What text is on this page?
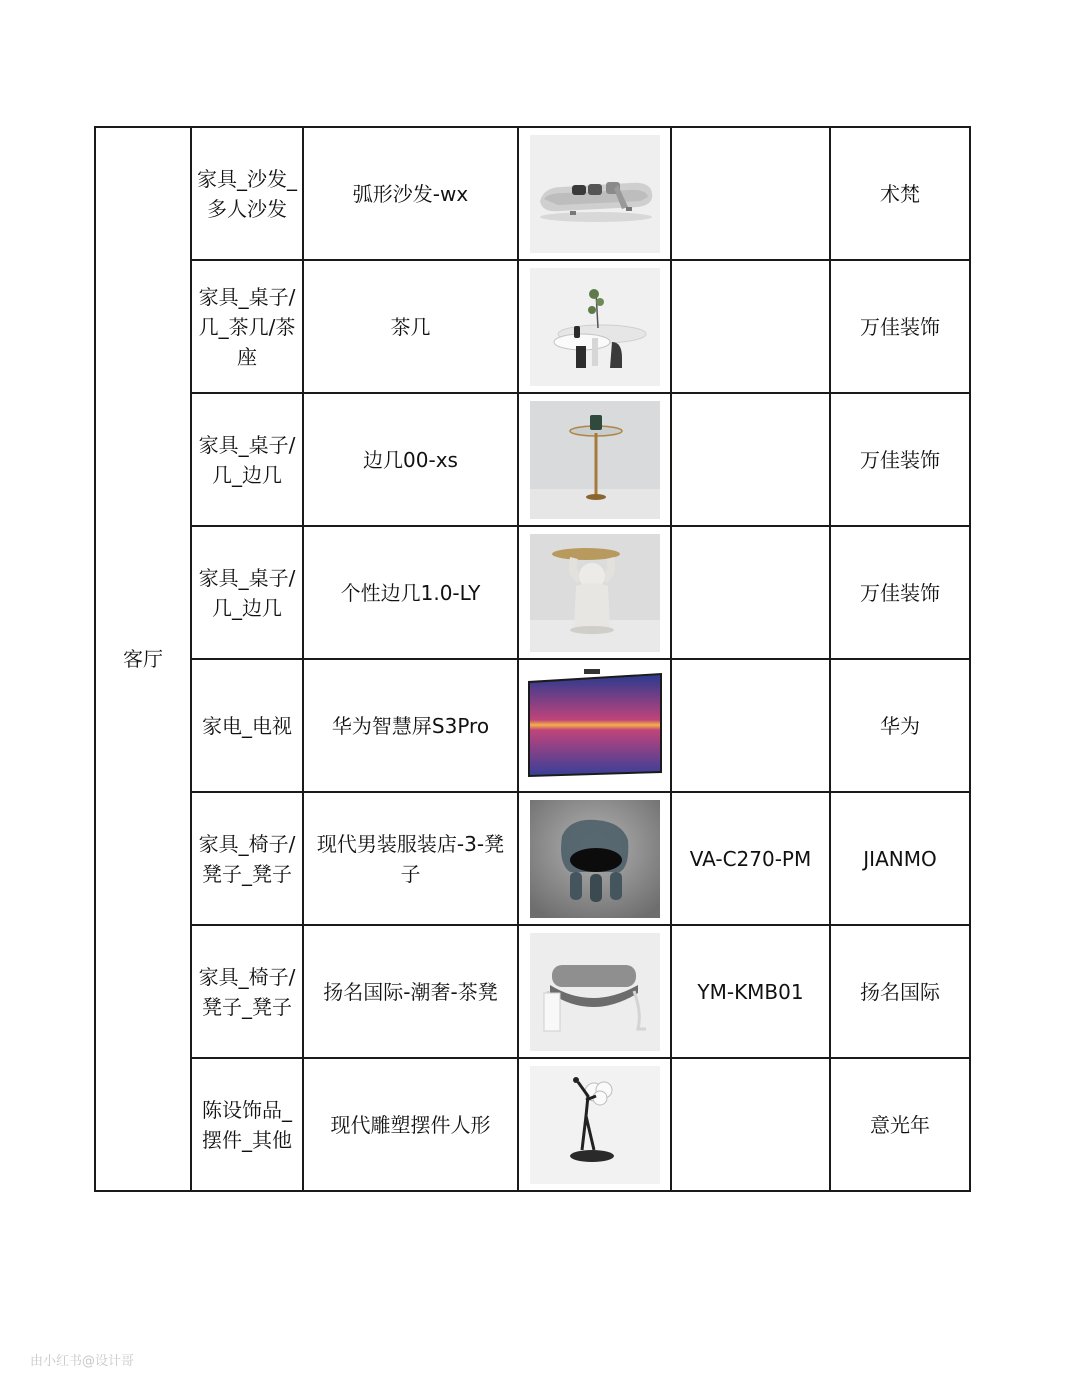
客厅	家具_沙发_多人沙发	弧形沙发-wx			术梵
	家具_桌子/几_茶几/茶座	茶几			万佳装饰
	家具_桌子/几_边几	边几00-xs			万佳装饰
	家具_桌子/几_边几	个性边几1.0-LY			万佳装饰
	家电_电视	华为智慧屏S3Pro			华为
	家具_椅子/凳子_凳子	现代男装服装店-3-凳子		VA-C270-PM	JIANMO
	家具_椅子/凳子_凳子	扬名国际-潮奢-茶凳		YM-KMB01	扬名国际
	陈设饰品_摆件_其他	现代雕塑摆件人形			意光年
由小红书@设计哥
